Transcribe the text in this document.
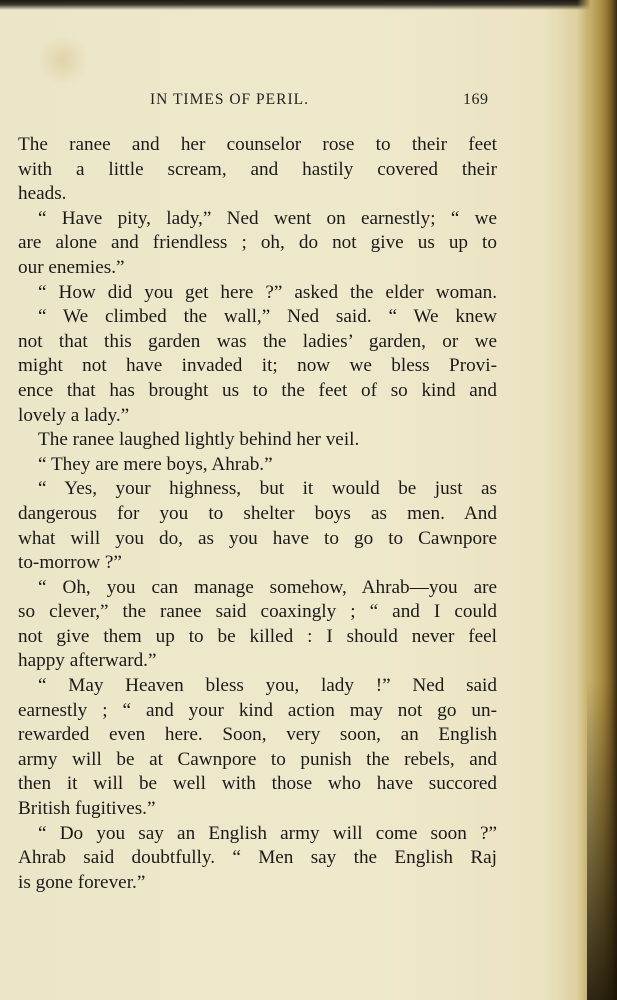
IN TIMES OF PERIL.	169
The ranee and her counselor rose to their feet
with a little scream, and hastily covered their
heads.
“ Have pity, lady,” Ned went on earnestly; “ we
are alone and friendless ; oh, do not give us up to
our enemies.”
“ How did you get here ?” asked the elder woman.
“ We climbed the wall,” Ned said. “ We knew
not that this garden was the ladies’ garden, or we
might not have invaded it; now we bless Provi-
ence that has brought us to the feet of so kind and
lovely a lady.”
The ranee laughed lightly behind her veil.
“ They are mere boys, Ahrab.”
“ Yes, your highness, but it would be just as
dangerous for you to shelter boys as men. And
what will you do, as you have to go to Cawnpore
to-morrow ?”
“ Oh, you can manage somehow, Ahrab—you are
so clever,” the ranee said coaxingly ; “ and I could
not give them up to be killed : I should never feel
happy afterward.”
“ May Heaven bless you, lady !” Ned said
earnestly ; “ and your kind action may not go un-
rewarded even here. Soon, very soon, an English
army will be at Cawnpore to punish the rebels, and
then it will be well with those who have succored
British fugitives.”
“ Do you say an English army will come soon ?”
Ahrab said doubtfully. “ Men say the English Raj
is gone forever.”
